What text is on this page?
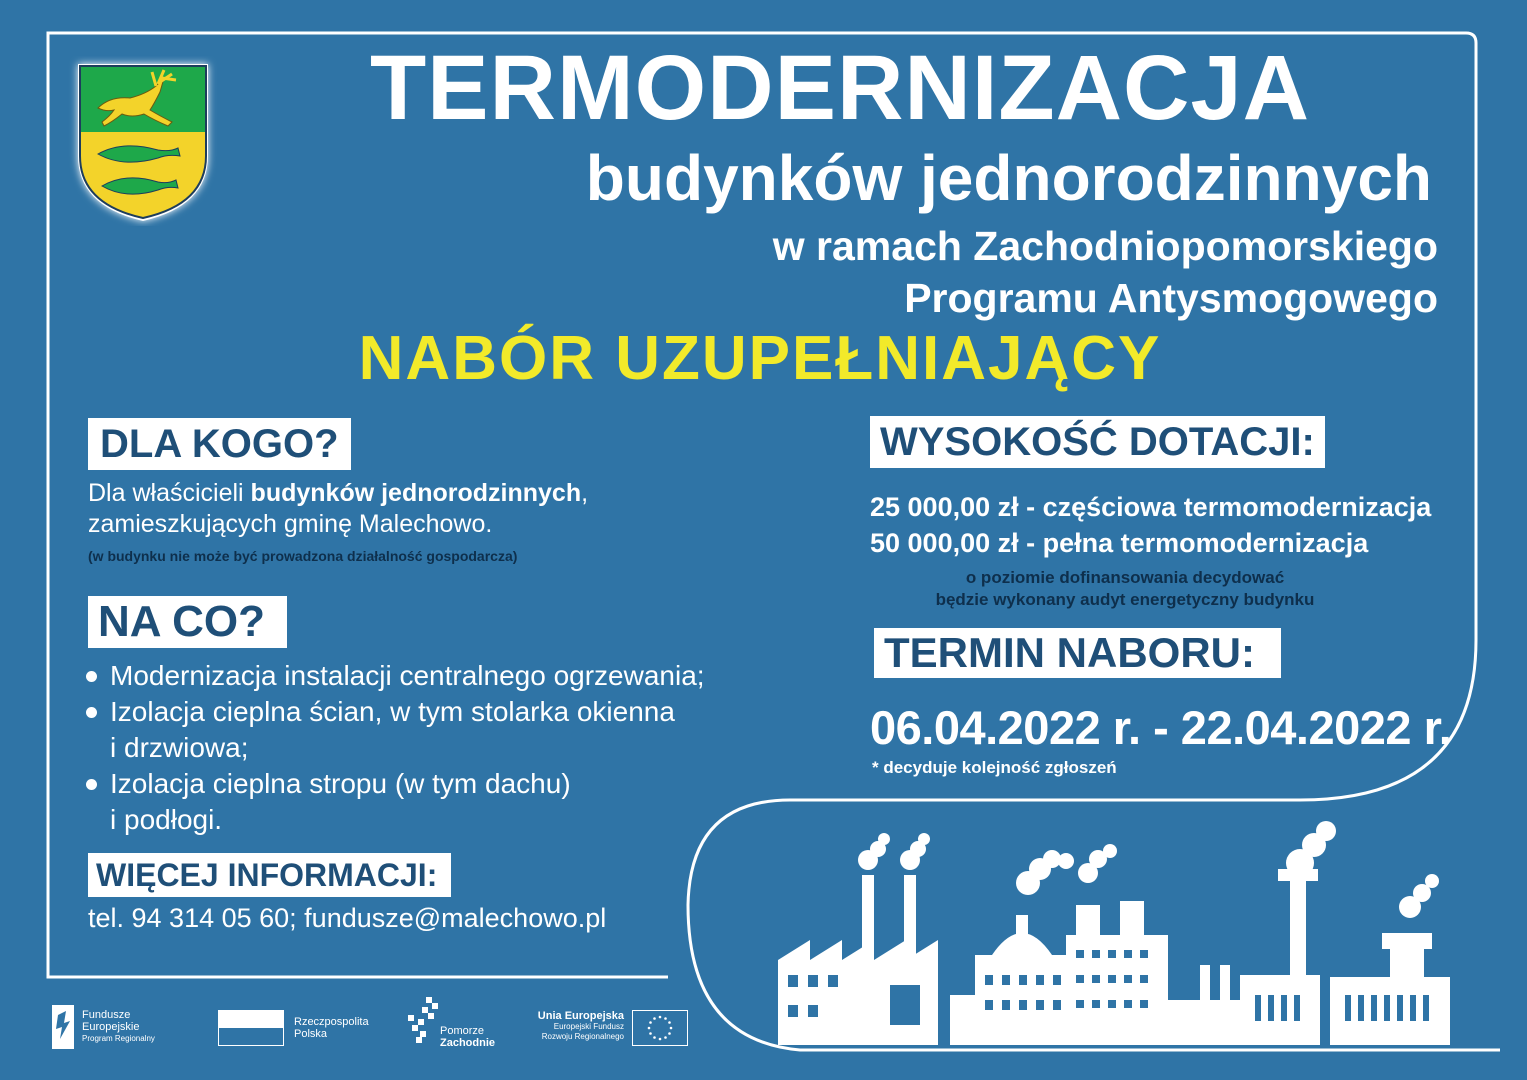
TERMODERNIZACJA
budynków jednorodzinnych
w ramach Zachodniopomorskiego
Programu Antysmogowego
NABÓR UZUPEŁNIAJĄCY
DLA KOGO?
Dla właścicieli budynków jednorodzinnych,
zamieszkujących gminę Malechowo.
(w budynku nie może być prowadzona działalność gospodarcza)
NA CO?
Modernizacja instalacji centralnego ogrzewania;
Izolacja cieplna ścian, w tym stolarka okienna
i drzwiowa;
Izolacja cieplna stropu (w tym dachu)
i podłogi.
WIĘCEJ INFORMACJI:
tel. 94 314 05 60; fundusze@malechowo.pl
WYSOKOŚĆ DOTACJI:
25 000,00 zł - częściowa termomodernizacja
50 000,00 zł - pełna termomodernizacja
o poziomie dofinansowania decydować
będzie wykonany audyt energetyczny budynku
TERMIN NABORU:
06.04.2022 r. - 22.04.2022 r.
* decyduje kolejność zgłoszeń
Fundusze
Europejskie
Program Regionalny
Rzeczpospolita
Polska	Pomorze
Zachodnie
Unia Europejska
Europejski Fundusz
Rozwoju Regionalnego
